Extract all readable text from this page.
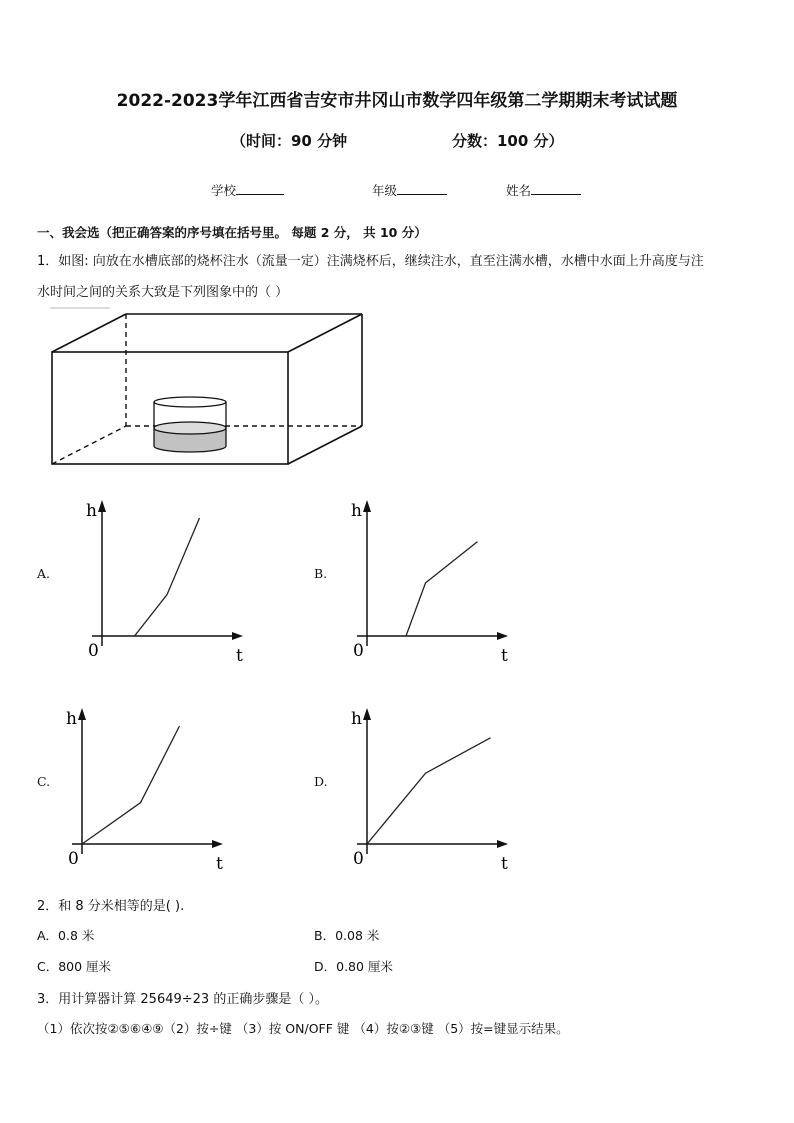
2022-2023学年江西省吉安市井冈山市数学四年级第二学期期末考试试题
（时间：90 分钟	分数：100 分）
学校	年级	姓名
一、我会选（把正确答案的序号填在括号里。 每题 2 分， 共 10 分）
1．如图: 向放在水槽底部的烧杯注水（流量一定）注满烧杯后，继续注水，直至注满水槽，水槽中水面上升高度与注
水时间之间的关系大致是下列图象中的（ ）
A.	B.
C.	D.
h
t
0
h
t
0
h
t
0
h
t
0
2．和 8 分米相等的是( ).
A．0.8 米	B．0.08 米
C．800 厘米	D．0.80 厘米
3．用计算器计算 25649÷23 的正确步骤是（ ）。
（1）依次按②⑤⑥④⑨（2）按÷键 （3）按 ON/OFF 键 （4）按②③键 （5）按=键显示结果。
